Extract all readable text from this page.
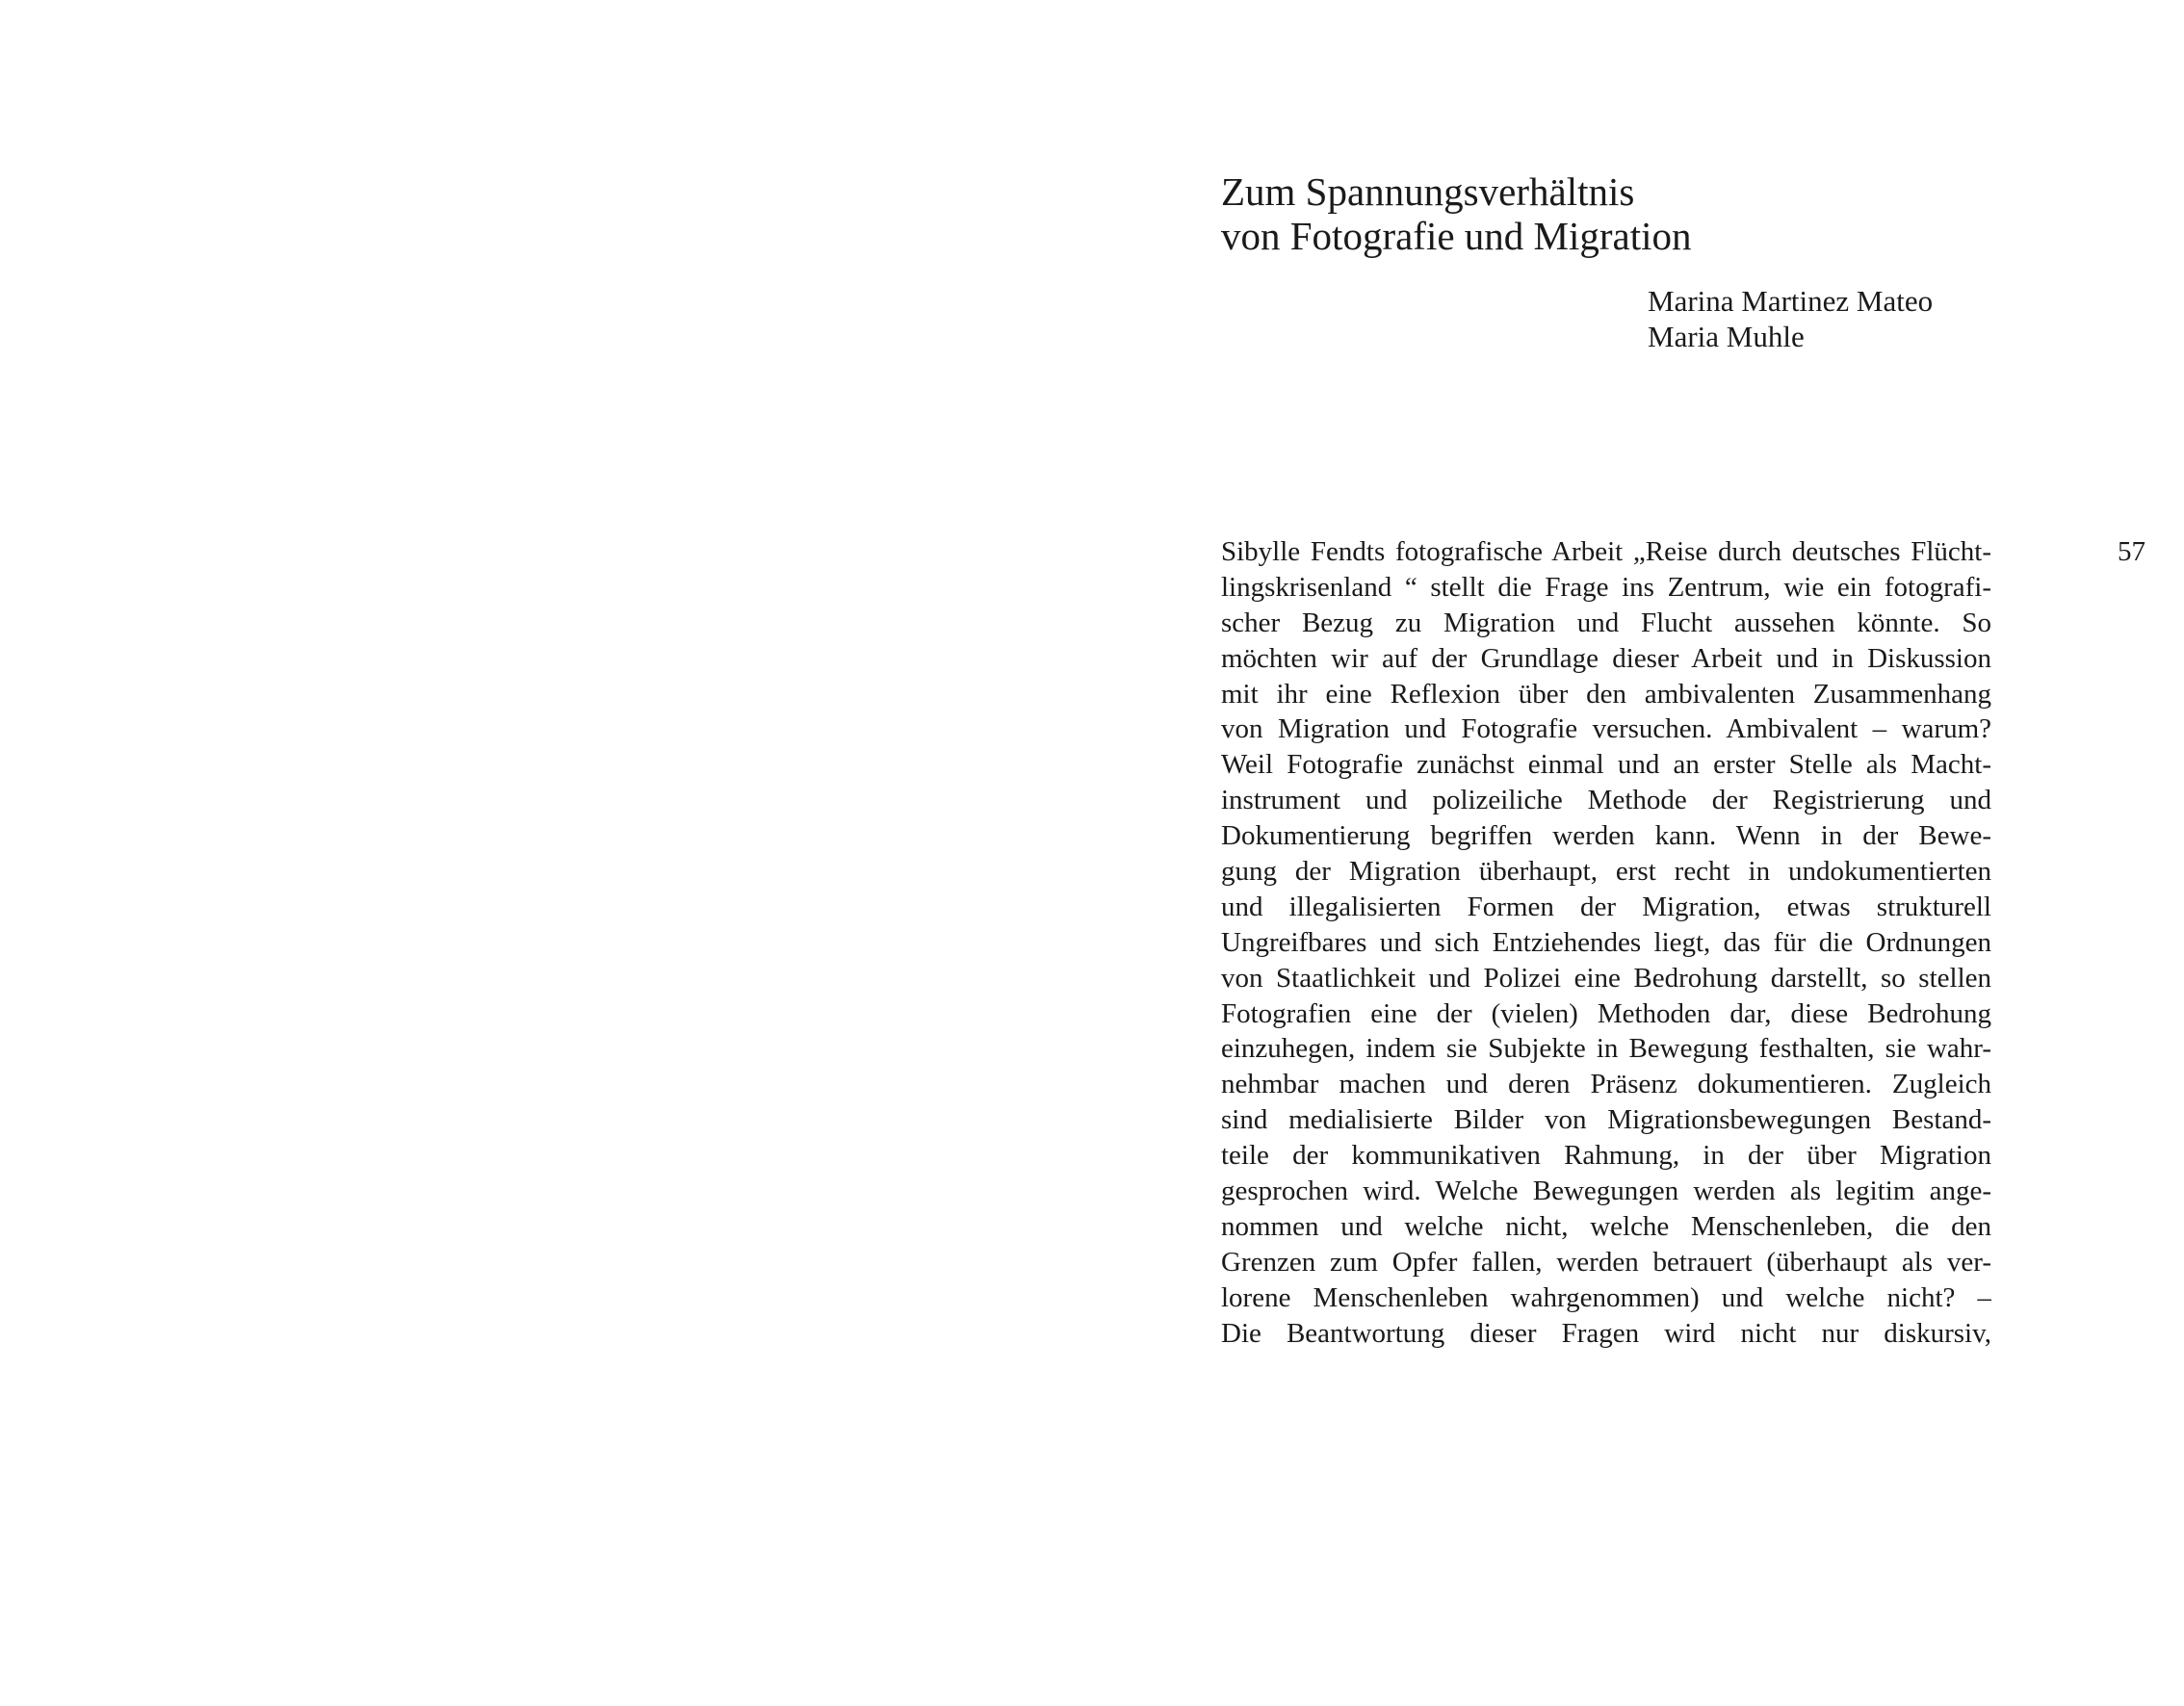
Zum Spannungsverhältnis
von Fotografie und Migration
Marina Martinez Mateo
Maria Muhle
57
Sibylle Fendts fotografische Arbeit „Reise durch deutsches Flücht-
lingskrisenland “ stellt die Frage ins Zentrum, wie ein fotografi-
scher Bezug zu Migration und Flucht aussehen könnte. So
möchten wir auf der Grundlage dieser Arbeit und in Diskussion
mit ihr eine Reflexion über den ambivalenten Zusammenhang
von Migration und Fotografie versuchen. Ambivalent – warum?
Weil Fotografie zunächst einmal und an erster Stelle als Macht-
instrument und polizeiliche Methode der Registrierung und
Dokumentierung begriffen werden kann. Wenn in der Bewe-
gung der Migration überhaupt, erst recht in undokumentierten
und illegalisierten Formen der Migration, etwas strukturell
Ungreifbares und sich Entziehendes liegt, das für die Ordnungen
von Staatlichkeit und Polizei eine Bedrohung darstellt, so stellen
Fotografien eine der (vielen) Methoden dar, diese Bedrohung
einzuhegen, indem sie Subjekte in Bewegung festhalten, sie wahr-
nehmbar machen und deren Präsenz dokumentieren. Zugleich
sind medialisierte Bilder von Migrationsbewegungen Bestand-
teile der kommunikativen Rahmung, in der über Migration
gesprochen wird. Welche Bewegungen werden als legitim ange-
nommen und welche nicht, welche Menschenleben, die den
Grenzen zum Opfer fallen, werden betrauert (überhaupt als ver-
lorene Menschenleben wahrgenommen) und welche nicht? –
Die Beantwortung dieser Fragen wird nicht nur diskursiv,
